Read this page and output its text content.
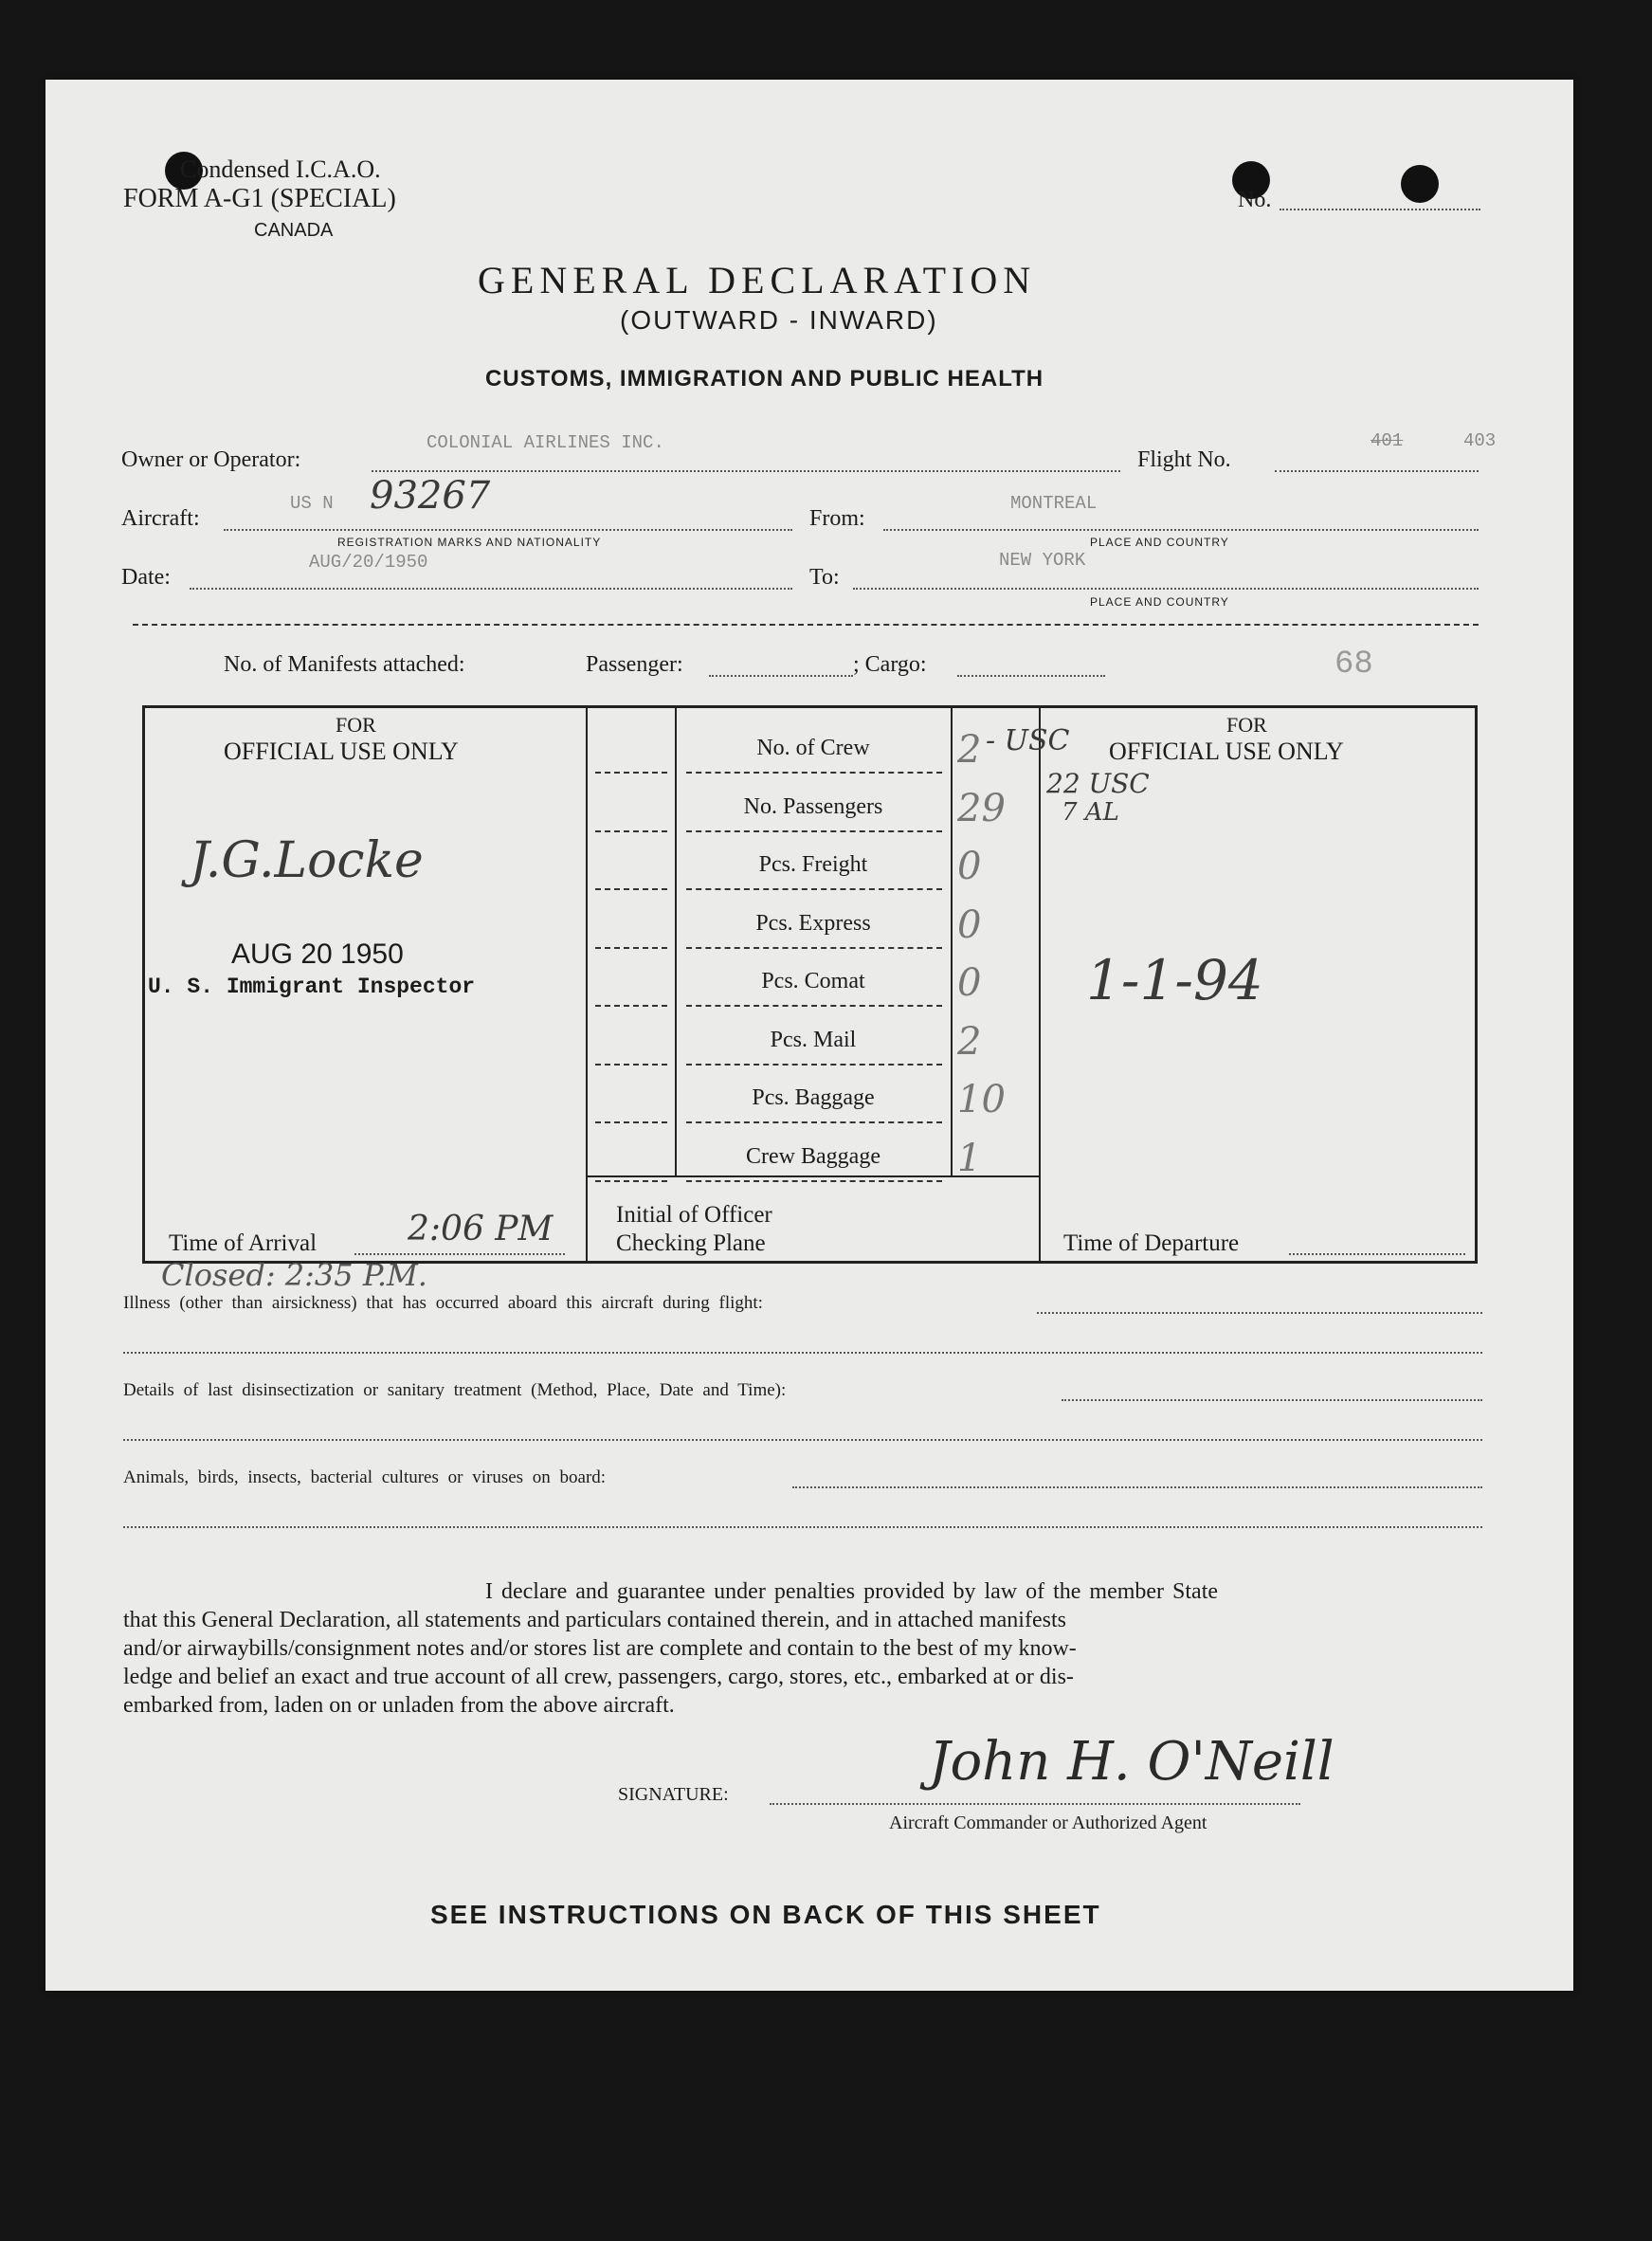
Condensed I.C.A.O.
FORM A-G1 (SPECIAL)
CANADA
No.
GENERAL DECLARATION
(OUTWARD - INWARD)
CUSTOMS, IMMIGRATION AND PUBLIC HEALTH
Owner or Operator:
COLONIAL AIRLINES INC.
Flight No.
401	403
Aircraft:
US N 93267
REGISTRATION MARKS AND NATIONALITY
From:
MONTREAL
PLACE AND COUNTRY
Date:
AUG/20/1950
To:
NEW YORK
PLACE AND COUNTRY
No. of Manifests attached:	Passenger:	; Cargo:	68
FOR
OFFICIAL USE ONLY
J.G.Locke
AUG 20 1950
U. S. Immigrant Inspector
No. of Crew	2
No. Passengers	29
Pcs. Freight	0
Pcs. Express	0
Pcs. Comat	0
Pcs. Mail	2
Pcs. Baggage	10
Crew Baggage	1
FOR
OFFICIAL USE ONLY
- USC
22 USC
7 AL
1-1-94
Time of Arrival	2:06 PM	Initial of Officer
Checking Plane	Time of Departure
Closed: 2:35 P.M.
Illness (other than airsickness) that has occurred aboard this aircraft during flight:
Details of last disinsectization or sanitary treatment (Method, Place, Date and Time):
Animals, birds, insects, bacterial cultures or viruses on board:
I declare and guarantee under penalties provided by law of the member State
that this General Declaration, all statements and particulars contained therein, and in attached manifests
and/or airwaybills/consignment notes and/or stores list are complete and contain to the best of my know-
ledge and belief an exact and true account of all crew, passengers, cargo, stores, etc., embarked at or dis-
embarked from, laden on or unladen from the above aircraft.
SIGNATURE:
John H. O'Neill
Aircraft Commander or Authorized Agent
SEE INSTRUCTIONS ON BACK OF THIS SHEET
